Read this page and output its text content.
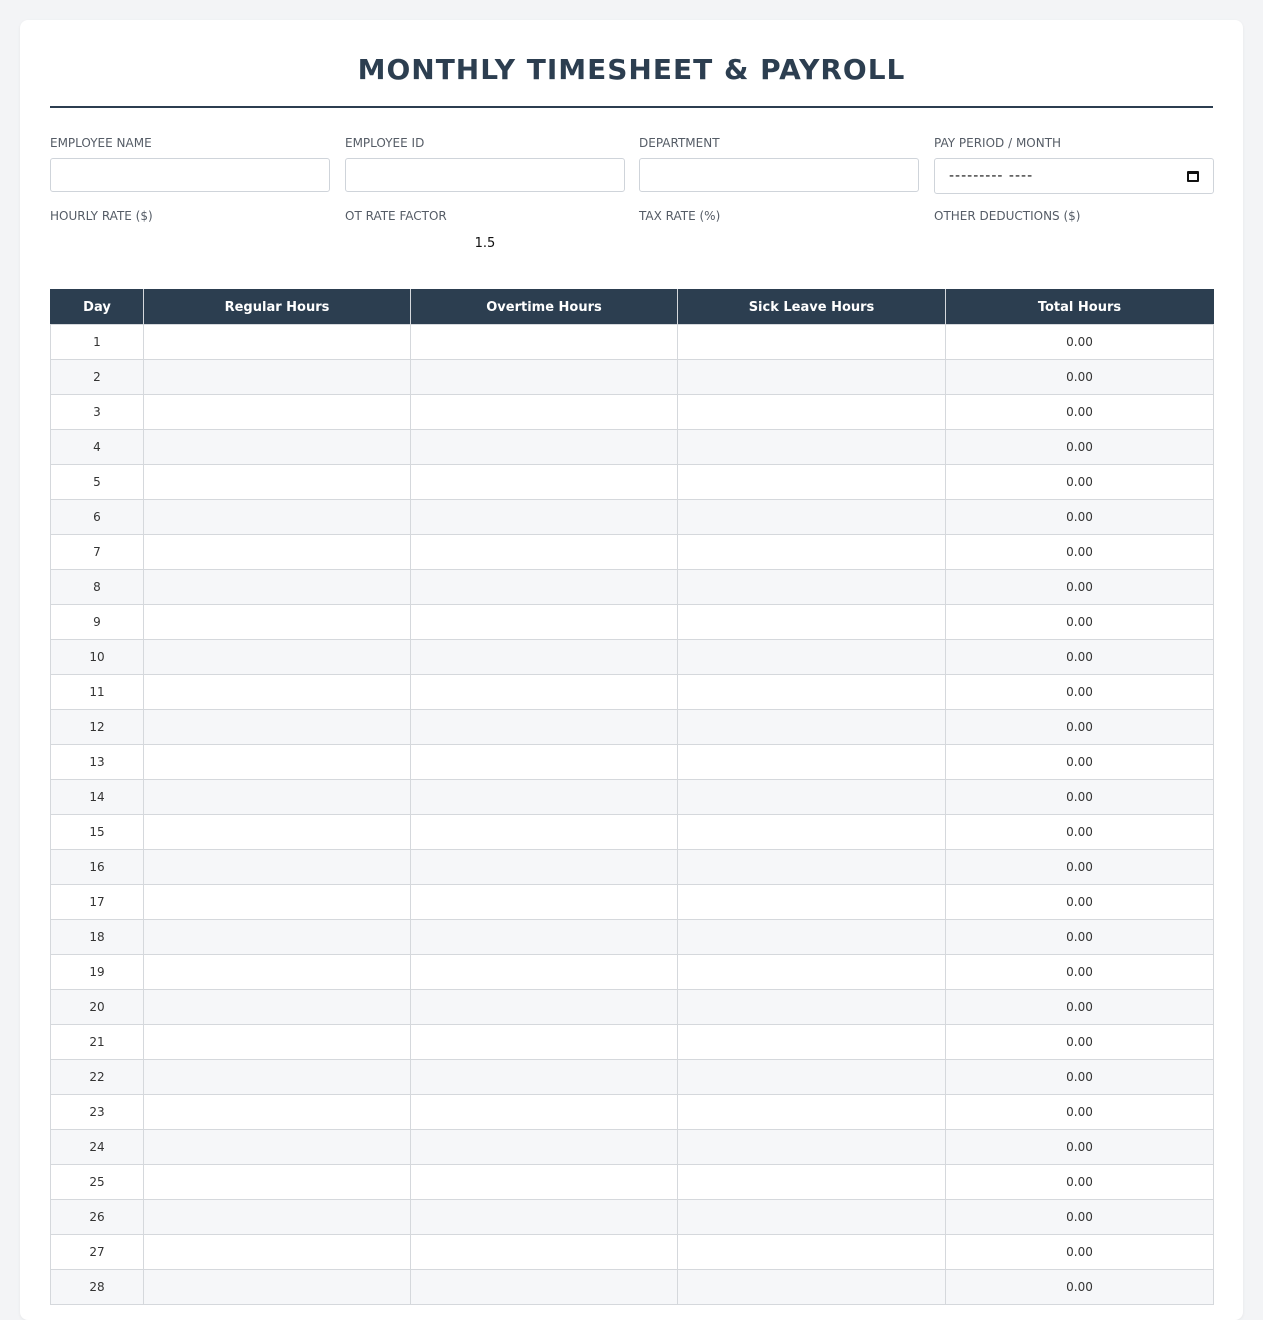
MONTHLY TIMESHEET & PAYROLL
EMPLOYEE NAME	EMPLOYEE ID	DEPARTMENT	PAY PERIOD / MONTH
--------- ----
HOURLY RATE ($)	OT RATE FACTOR
1.5
TAX RATE (%)	OTHER DEDUCTIONS ($)
Day	Regular Hours	Overtime Hours	Sick Leave Hours	Total Hours
1				0.00
2				0.00
3				0.00
4				0.00
5				0.00
6				0.00
7				0.00
8				0.00
9				0.00
10				0.00
11				0.00
12				0.00
13				0.00
14				0.00
15				0.00
16				0.00
17				0.00
18				0.00
19				0.00
20				0.00
21				0.00
22				0.00
23				0.00
24				0.00
25				0.00
26				0.00
27				0.00
28				0.00
